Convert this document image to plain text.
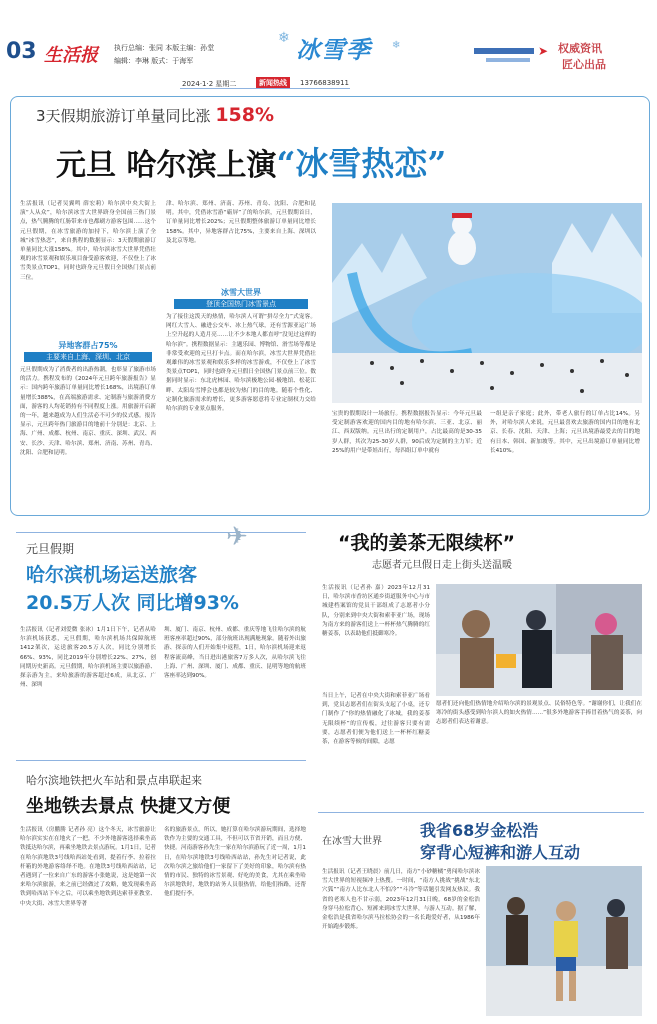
03 生活报 执行总编：张同 本版主编：孙堂
编辑：李琳 版式：于海军
❄ 冰雪季 ❄	➤ 权威资讯
匠心出品
2024·1·2 星期二	新闻热线	13766838911
3天假期旅游订单量同比涨 158%
元旦 哈尔滨上演“冰雪热恋”
生活报讯（记者吴翼鸣 薛宏莉）哈尔滨中央大街上演“人从众”，哈尔滨冰雪大世界跻身全国前三热门景点，热气腾腾的红肠带来市也都刷方游客包围……这个元旦假期，在冰雪旅游的加持下，哈尔滨上演了全城“冰雪热恋”，来自携程的数据显示：3天假期旅游订单量同比大涨158%。其中，哈尔滨冰雪大世界凭借壮观的冰雪景观和娱乐项目备受游客欢迎，不仅登上了冰雪类景点TOP1，同时也跻身元旦假日全国热门景点前三位。
异地客群占75%
主要来自上海、深圳、北京
元旦假期成为了消费者的出游热潮，也彰显了旅游市场的活力。携程发布的《2024年元旦跨年旅游报告》显示：国内跨年旅游订单量同比增长168%，出境游订单量增长388%，在高端旅游需求、定制游与旅游消费方面，游客的人均花销持有不同程度上涨。用旅游开启新的一年，越来越成为人们生活必不可少的仪式感。报告显示，元旦跨年热门旅游目的地前十分别是：北京、上海、广州、成都、杭州、南京、重庆、深圳、武汉、西安、长沙、天津、哈尔滨、郑州、济南、苏州、青岛、沈阳、合肥和昆明。
津、哈尔滨、郑州、济南、苏州、青岛、沈阳、合肥和昆明。其中，凭借冰雪游“霸屏”了的哈尔滨，元旦假期首日，订单量同比增长202%；元旦假期整体旅游订单量同比增长158%。其中，异地客群占比75%，主要来自上海、深圳以及北京等地。
冰雪大世界
登顶全国热门冰雪景点
为了接住这泼天的热情，哈尔滨人可谓“拼尽全力”式宠客。网红大雪人、融进公交车、冰上热气球，还有雪源亚运广场上空升起的人造月亮……让不少本地人都直呼“没见过这样的哈尔滨”。携程数据显示：主题乐园、博物馆、滑雪场等都是非常受欢迎的元旦打卡点。而在哈尔滨，冰雪大世界凭借壮观雄伟的冰雪景观和娱乐多样的冰雪游戏，不仅登上了冰雪类景点TOP1，同时也跻身元旦假日全国热门景点前三位。数据同时显示：东北虎林园、哈尔滨极地公园·极地馆、松花江畔、太阳岛雪博会也都是较为热门的目的地。随着个性化、定制化旅游需求的增长，更多游客愿意将专业定制权力交给哈尔滨的专业景点服务。
宝贵的假期设计一场旅行。携程数据报告显示：今年元旦最受定制游客欢迎的国内目的地有哈尔滨、三亚、北京、丽江、西双版纳。元旦出行的定制用户，占比最高的是30-35岁人群，其次为25-30岁人群，90后成为定制的主力军；近25%的用户是带娃出行，每四组订单中就有
一组是亲子家庭；此外，带老人旅行的订单占比14%。另外，对哈尔滨人来说，元旦最喜欢去旅游的国内目的地有北京、长春、沈阳、天津、上海；元旦出境游最爱去的目的地有日本、韩国、新加坡等。其中，元旦出境游订单量同比增长410%。
✈
元旦假期
哈尔滨机场运送旅客
20.5万人次 同比增93%
生活报讯（记者刘爱微 张冰）1月1日下午，记者从哈尔滨机场获悉，元旦假期，哈尔滨机场共保障航班1412架次，运送旅客20.5万人次，同比分别增长66%、93%，同比2019年分别增长22%、27%，创同期历史新高。元旦假期，哈尔滨机场主要以旅游游、探亲游为主，来哈旅游的游客超过6成，从北京、广州、深圳
圳、厦门、南京、杭州、成都、重庆等地飞往哈尔滨的航班客座率超过90%，部分航班出现满舱现象。随着外出旅游、探亲的人们开始集中返程，1日，哈尔滨机场迎来返程客流高峰，当日进出港旅客7万多人次，从哈尔滨飞往上海、广州、深圳、厦门、成都、重庆、昆明等地的航班客座率达到90%。
“我的姜茶无限续杯”
志愿者元旦假日走上街头送温暖
生活报讯（记者孙 嘉）2023年12月31日，哈尔滨市香坊区通乡街道服务中心与市城建档案馆的党员干部组成了志愿者小分队，分别来到中央大街和索菲亚广场，现场为南方来的游客们送上一杯杯热气腾腾的红糖姜茶，以表助他们抵御寒冷。
当日上午，记者在中央大街和索菲亚广场看到，党员志愿者们在街头支起了小桌，还专门制作了“你的热情融化了冰城，我的姜茶无限续杯”的宣传板，过往游客只要有需要，志愿者们便为他们送上一杯杯红糖姜茶，在游客等候的间隙，志愿
愿者们还向他们热情地介绍哈尔滨的景观景点、民俗特色等。“谢谢你们，让我们在寒冷的街头感受到哈尔滨人的如火热情……”很多外地游客手捧冒着热气的姜茶，向志愿者们表达着谢意。
哈尔滨地铁把火车站和景点串联起来
坐地铁去景点 快捷又方便
生活报讯（房鹏勝 记者孙 亮）这个冬天，冰雪旅游让哈尔滨实实在在地火了一把，不少外地游客选择乘坐高铁抵达哈尔滨，再乘坐地铁去景点游玩。1月1日，记者在哈尔滨地铁3号线哈西站处看到，提着行李、拉着拉杆箱的外地游客络绎不绝。在地铁3号线哈西站站，记者遇到了一位来自广东的游客小张她说，这是她第一次来哈尔滨旅游，来之前已经做过了攻略，她发现乘坐高铁到哈西站下车之后，可以乘坐地铁到达索菲亚教堂、中央大街、冰雪大世界等著
名的旅游景点，所以，她打算在哈尔滨游玩期间，选择地铁作为主要的交通工具，不但可以节省开销，而且方便、快捷。河南游客孙先生一家在哈尔滨游玩了近一周，1月1日，在哈尔滨地铁3号线哈西站站，孙先生对记者说，此次哈尔滨之旅给他们一家留下了美好的印象，哈尔滨有热情的市民、独特的冰雪景观、好吃的美食，尤其在乘坐哈尔滨地铁时，地铁的站务人员很热情，给他们指路，还帮他们提行李。
在冰雪大世界
我省68岁金松浩
穿背心短裤和游人互动
生活报讯（记者王晓晨）前几日，南方“小砂糖橘”勇闯哈尔滨冰雪大世界的短视频冲上热搜。一时间，“南方人挑战”挑战“东北穴狐”“南方人比东北人不怕冷”“斗冷”等话题引发网友热议。我省的老寒人也不甘示弱，2023年12月31日晚，68岁的金松浩身穿马拉松背心、短裤来到冰雪大世界，与游人互动。据了解，金松浩是我省哈尔滨马拉松协会的一名长跑爱好者，从1986年开始跑步锻炼。
